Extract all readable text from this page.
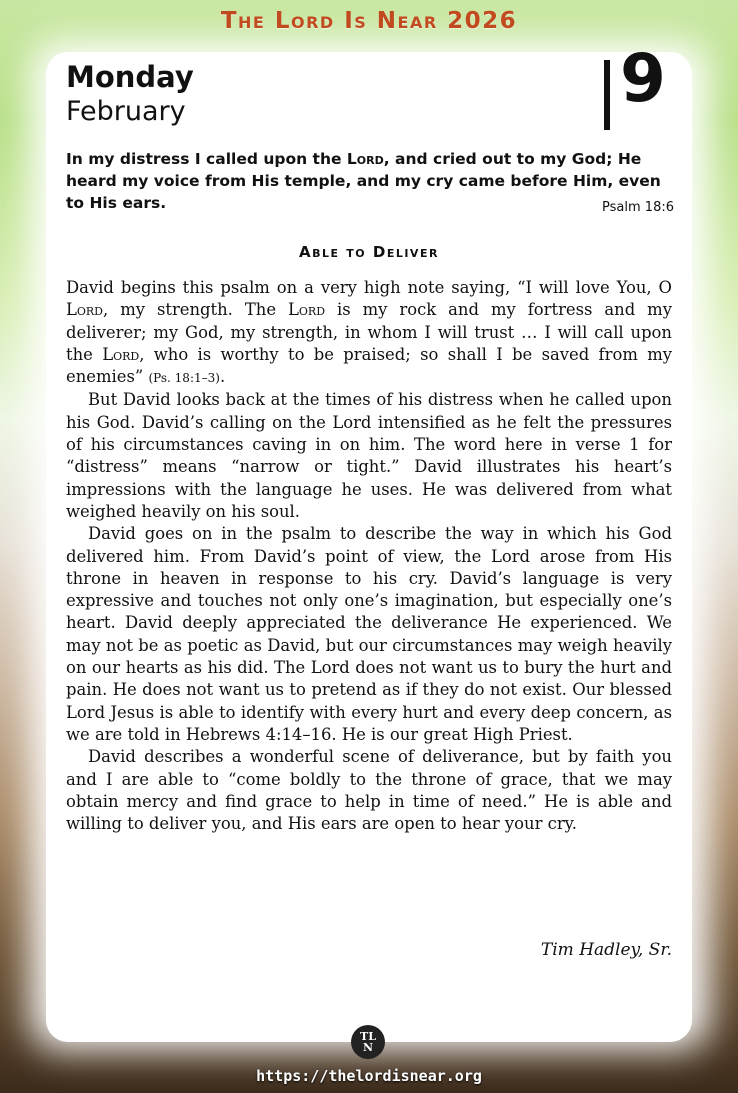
The Lord Is Near 2026
Monday
February	9
In my distress I called upon the Lord, and cried out to my God; He heard my voice from His temple, and my cry came before Him, even to His ears.	Psalm 18:6
Able to Deliver

David begins this psalm on a very high note saying, “I will love You, O Lord, my strength. The Lord is my rock and my fortress and my deliverer; my God, my strength, in whom I will trust … I will call upon the Lord, who is worthy to be praised; so shall I be saved from my enemies” (Ps. 18:1–3).

But David looks back at the times of his distress when he called upon his God. David’s calling on the Lord intensified as he felt the pressures of his circumstances caving in on him. The word here in verse 1 for “distress” means “narrow or tight.” David illustrates his heart’s impressions with the language he uses. He was delivered from what weighed heavily on his soul.

David goes on in the psalm to describe the way in which his God delivered him. From David’s point of view, the Lord arose from His throne in heaven in response to his cry. David’s language is very expressive and touches not only one’s imagination, but especially one’s heart. David deeply appreciated the deliverance He experienced. We may not be as poetic as David, but our circumstances may weigh heavily on our hearts as his did. The Lord does not want us to bury the hurt and pain. He does not want us to pretend as if they do not exist. Our blessed Lord Jesus is able to identify with every hurt and every deep concern, as we are told in Hebrews 4:14–16. He is our great High Priest.

David describes a wonderful scene of deliverance, but by faith you and I are able to “come boldly to the throne of grace, that we may obtain mercy and find grace to help in time of need.” He is able and willing to deliver you, and His ears are open to hear your cry.

Tim Hadley, Sr.
TL
N
https://thelordisnear.org
